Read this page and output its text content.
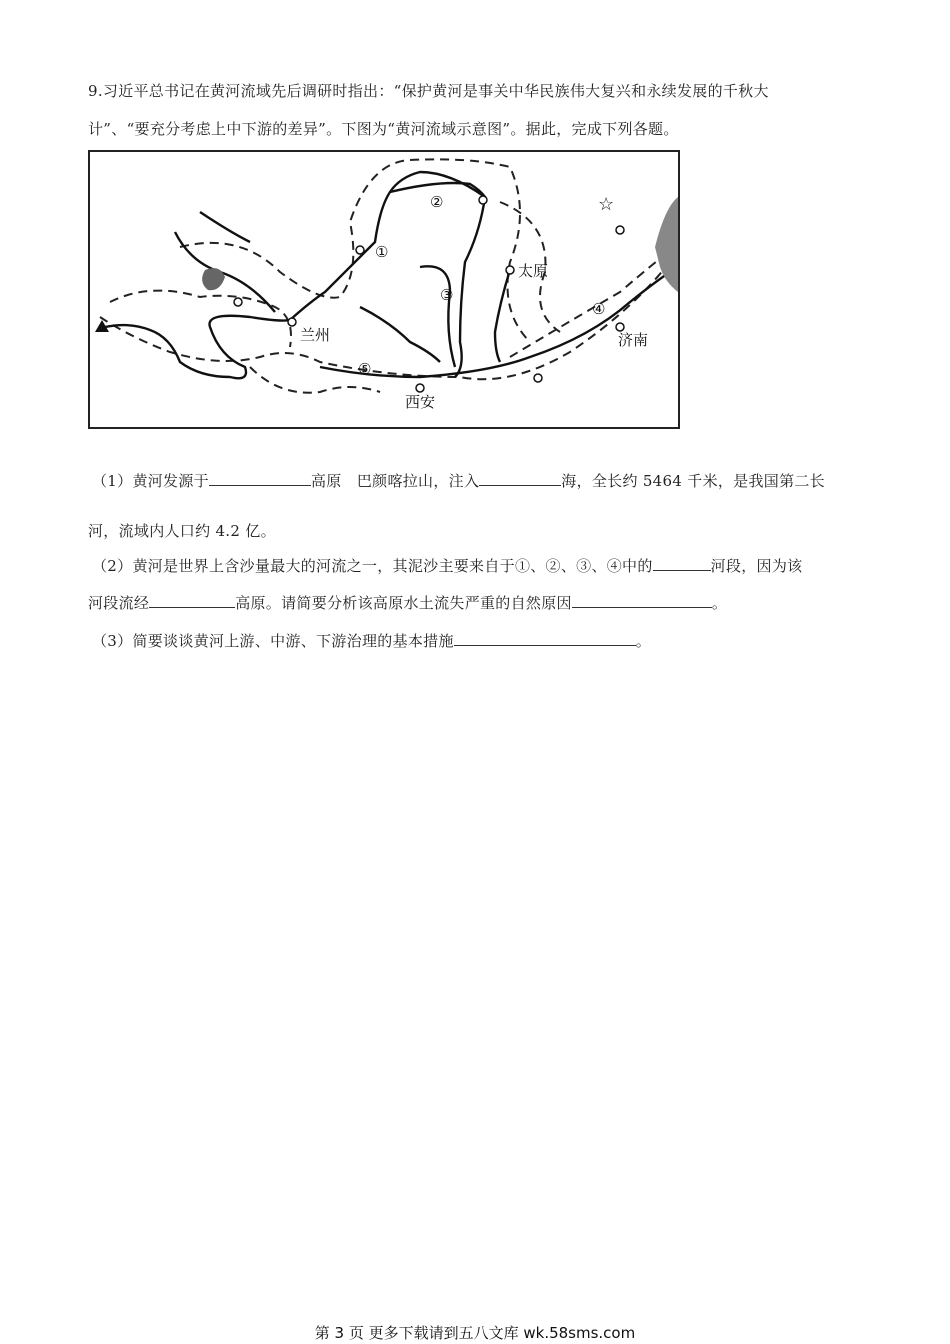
9.习近平总书记在黄河流域先后调研时指出：“保护黄河是事关中华民族伟大复兴和永续发展的千秋大
计”、“要充分考虑上中下游的差异”。下图为“黄河流域示意图”。据此，完成下列各题。
☆
兰州
西安
太原
济南
①
②
③
④
⑤
（1）黄河发源于	高原　巴颜喀拉山，注入	海，全长约 5464 千米，是我国第二长
河，流域内人口约 4.2 亿。
（2）黄河是世界上含沙量最大的河流之一，其泥沙主要来自于①、②、③、④中的	河段，因为该
河段流经	高原。请简要分析该高原水土流失严重的自然原因	。
（3）简要谈谈黄河上游、中游、下游治理的基本措施	。
第 3 页 更多下载请到五八文库 wk.58sms.com
